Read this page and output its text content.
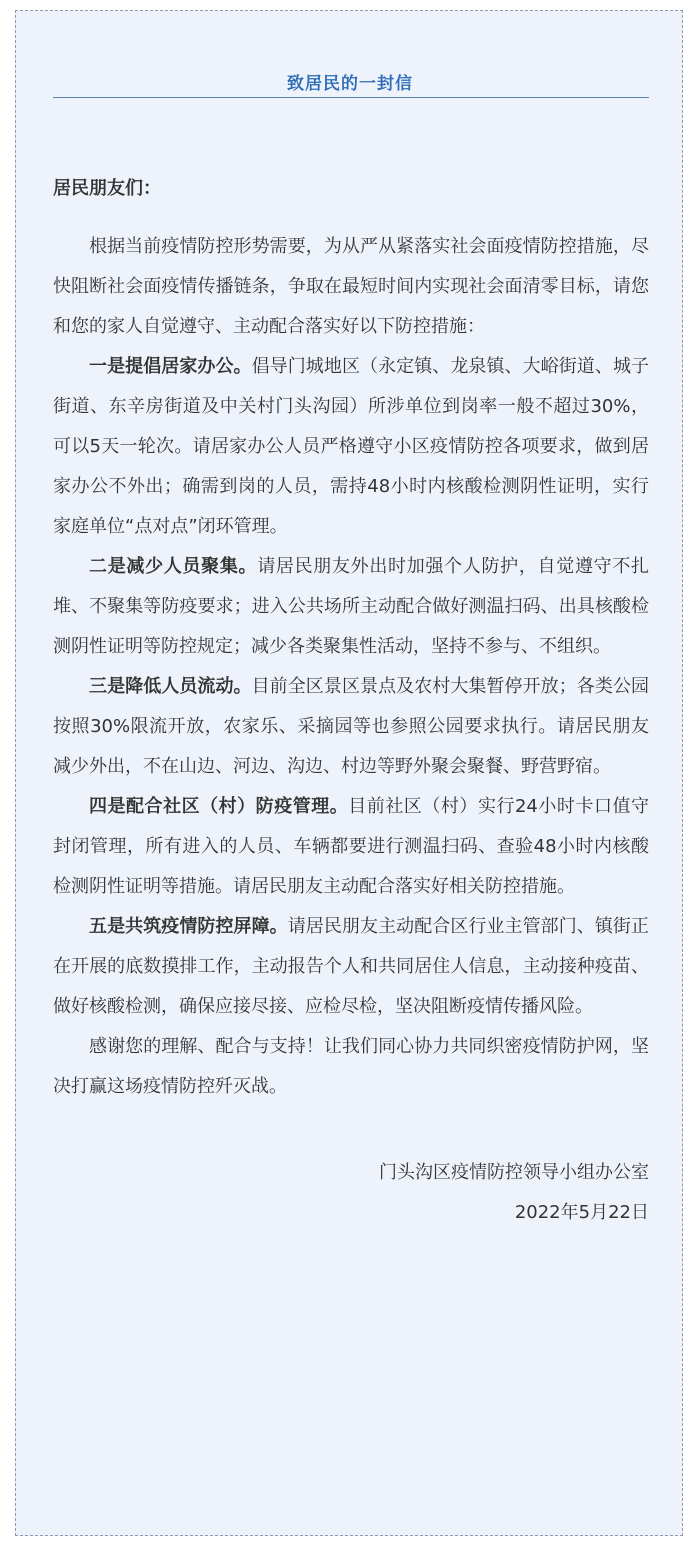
致居民的一封信

居民朋友们：

根据当前疫情防控形势需要，为从严从紧落实社会面疫情防控措施，尽快阻断社会面疫情传播链条，争取在最短时间内实现社会面清零目标，请您和您的家人自觉遵守、主动配合落实好以下防控措施：

一是提倡居家办公。倡导门城地区（永定镇、龙泉镇、大峪街道、城子街道、东辛房街道及中关村门头沟园）所涉单位到岗率一般不超过30%，可以5天一轮次。请居家办公人员严格遵守小区疫情防控各项要求，做到居家办公不外出；确需到岗的人员，需持48小时内核酸检测阴性证明，实行家庭单位“点对点”闭环管理。

二是减少人员聚集。请居民朋友外出时加强个人防护，自觉遵守不扎堆、不聚集等防疫要求；进入公共场所主动配合做好测温扫码、出具核酸检测阴性证明等防控规定；减少各类聚集性活动，坚持不参与、不组织。

三是降低人员流动。目前全区景区景点及农村大集暂停开放；各类公园按照30%限流开放，农家乐、采摘园等也参照公园要求执行。请居民朋友减少外出，不在山边、河边、沟边、村边等野外聚会聚餐、野营野宿。

四是配合社区（村）防疫管理。目前社区（村）实行24小时卡口值守封闭管理，所有进入的人员、车辆都要进行测温扫码、查验48小时内核酸检测阴性证明等措施。请居民朋友主动配合落实好相关防控措施。

五是共筑疫情防控屏障。请居民朋友主动配合区行业主管部门、镇街正在开展的底数摸排工作，主动报告个人和共同居住人信息，主动接种疫苗、做好核酸检测，确保应接尽接、应检尽检，坚决阻断疫情传播风险。

感谢您的理解、配合与支持！让我们同心协力共同织密疫情防护网，坚决打赢这场疫情防控歼灭战。

门头沟区疫情防控领导小组办公室

2022年5月22日
